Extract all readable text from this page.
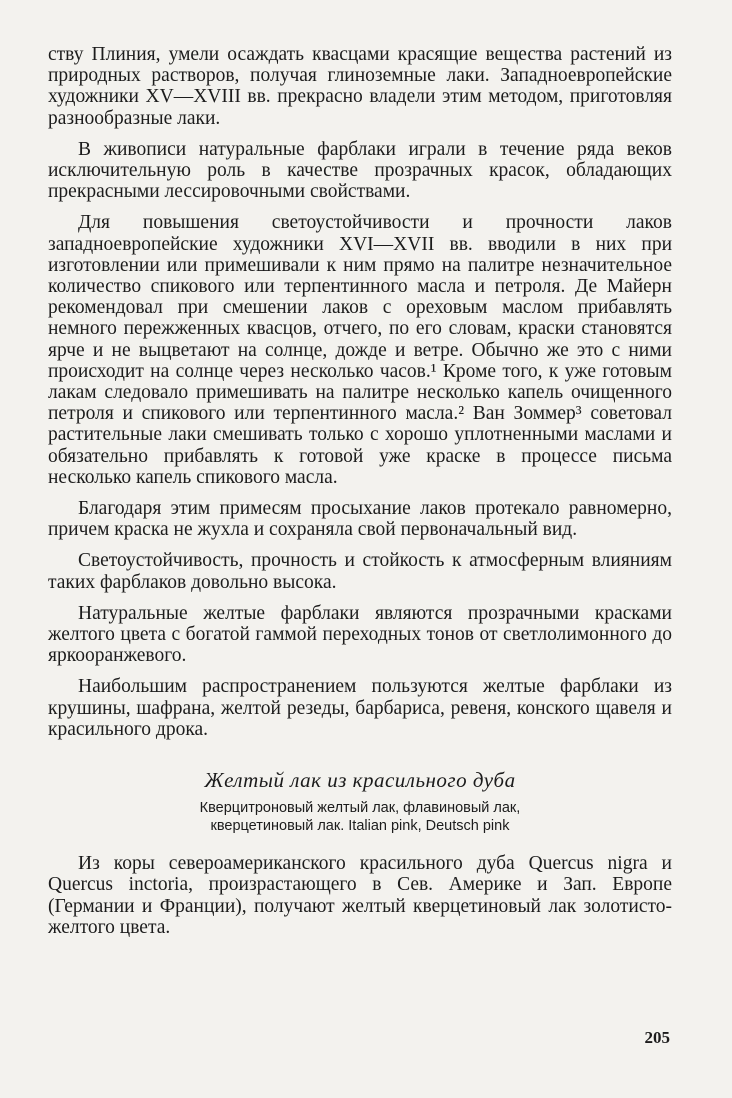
ству Плиния, умели осаждать квасцами красящие вещества растений из природных растворов, получая глиноземные лаки. Западноевропейские художники XV—XVIII вв. прекрасно владели этим методом, приготовляя разнообразные лаки.

В живописи натуральные фарблаки играли в течение ряда веков исключительную роль в качестве прозрачных красок, обладающих прекрасными лессировочными свойствами.

Для повышения светоустойчивости и прочности лаков западноевропейские художники XVI—XVII вв. вводили в них при изготовлении или примешивали к ним прямо на палитре незначительное количество спикового или терпентинного масла и петроля. Де Майерн рекомендовал при смешении лаков с ореховым маслом прибавлять немного пережженных квасцов, отчего, по его словам, краски становятся ярче и не выцветают на солнце, дожде и ветре. Обычно же это с ними происходит на солнце через несколько часов.¹ Кроме того, к уже готовым лакам следовало примешивать на палитре несколько капель очищенного петроля и спикового или терпентинного масла.² Ван Зоммер³ советовал растительные лаки смешивать только с хорошо уплотненными маслами и обязательно прибавлять к готовой уже краске в процессе письма несколько капель спикового масла.

Благодаря этим примесям просыхание лаков протекало равномерно, причем краска не жухла и сохраняла свой первоначальный вид.

Светоустойчивость, прочность и стойкость к атмосферным влияниям таких фарблаков довольно высока.

Натуральные желтые фарблаки являются прозрачными красками желтого цвета с богатой гаммой переходных тонов от светлолимонного до яркооранжевого.

Наибольшим распространением пользуются желтые фарблаки из крушины, шафрана, желтой резеды, барбариса, ревеня, конского щавеля и красильного дрока.

Желтый лак из красильного дуба

Кверцитроновый желтый лак, флавиновый лак,

кверцетиновый лак. Italian pink, Deutsch pink

Из коры североамериканского красильного дуба Quercus nigra и Quercus inctoria, произрастающего в Сев. Америке и Зап. Европе (Германии и Франции), получают желтый кверцетиновый лак золотисто-желтого цвета.

205
